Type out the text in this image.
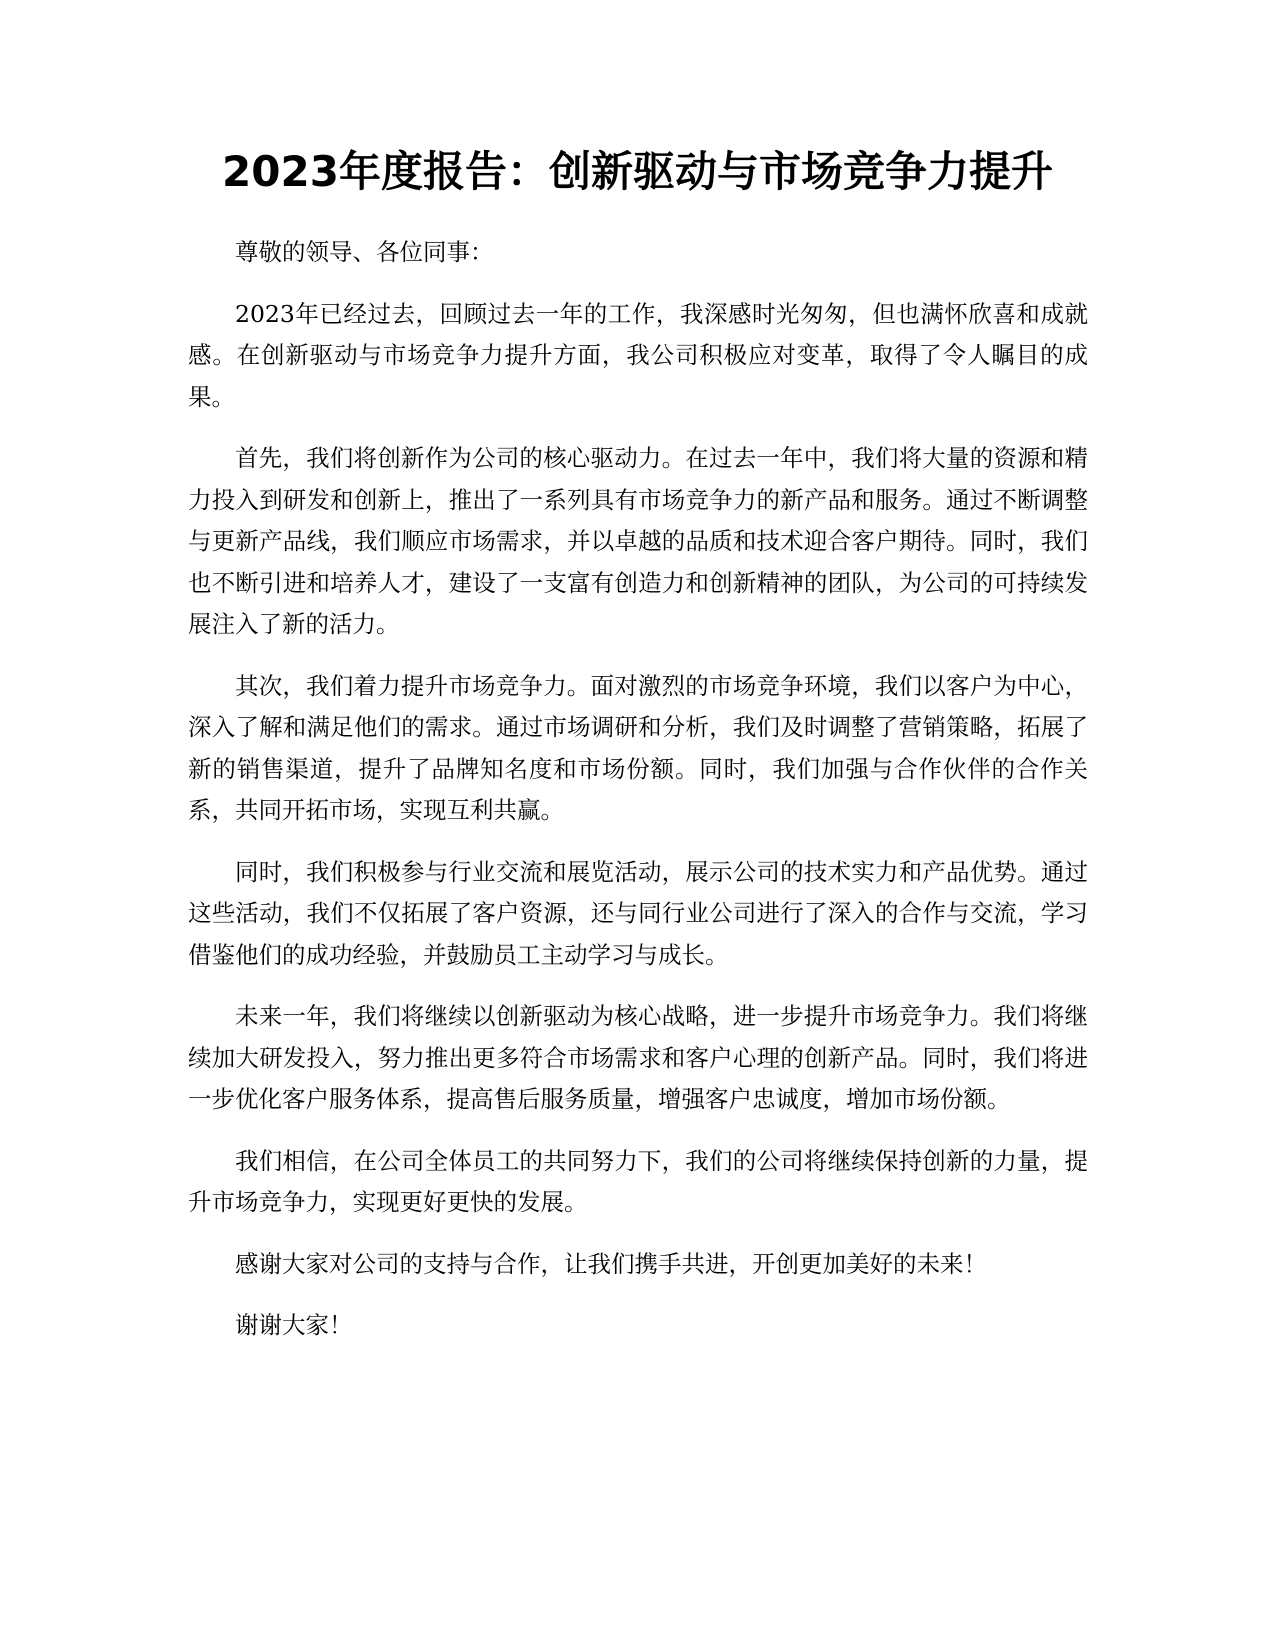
2023年度报告：创新驱动与市场竞争力提升

尊敬的领导、各位同事：

2023年已经过去，回顾过去一年的工作，我深感时光匆匆，但也满怀欣喜和成就感。在创新驱动与市场竞争力提升方面，我公司积极应对变革，取得了令人瞩目的成果。

首先，我们将创新作为公司的核心驱动力。在过去一年中，我们将大量的资源和精力投入到研发和创新上，推出了一系列具有市场竞争力的新产品和服务。通过不断调整与更新产品线，我们顺应市场需求，并以卓越的品质和技术迎合客户期待。同时，我们也不断引进和培养人才，建设了一支富有创造力和创新精神的团队，为公司的可持续发展注入了新的活力。

其次，我们着力提升市场竞争力。面对激烈的市场竞争环境，我们以客户为中心，深入了解和满足他们的需求。通过市场调研和分析，我们及时调整了营销策略，拓展了新的销售渠道，提升了品牌知名度和市场份额。同时，我们加强与合作伙伴的合作关系，共同开拓市场，实现互利共赢。

同时，我们积极参与行业交流和展览活动，展示公司的技术实力和产品优势。通过这些活动，我们不仅拓展了客户资源，还与同行业公司进行了深入的合作与交流，学习借鉴他们的成功经验，并鼓励员工主动学习与成长。

未来一年，我们将继续以创新驱动为核心战略，进一步提升市场竞争力。我们将继续加大研发投入，努力推出更多符合市场需求和客户心理的创新产品。同时，我们将进一步优化客户服务体系，提高售后服务质量，增强客户忠诚度，增加市场份额。

我们相信，在公司全体员工的共同努力下，我们的公司将继续保持创新的力量，提升市场竞争力，实现更好更快的发展。

感谢大家对公司的支持与合作，让我们携手共进，开创更加美好的未来！

谢谢大家！
